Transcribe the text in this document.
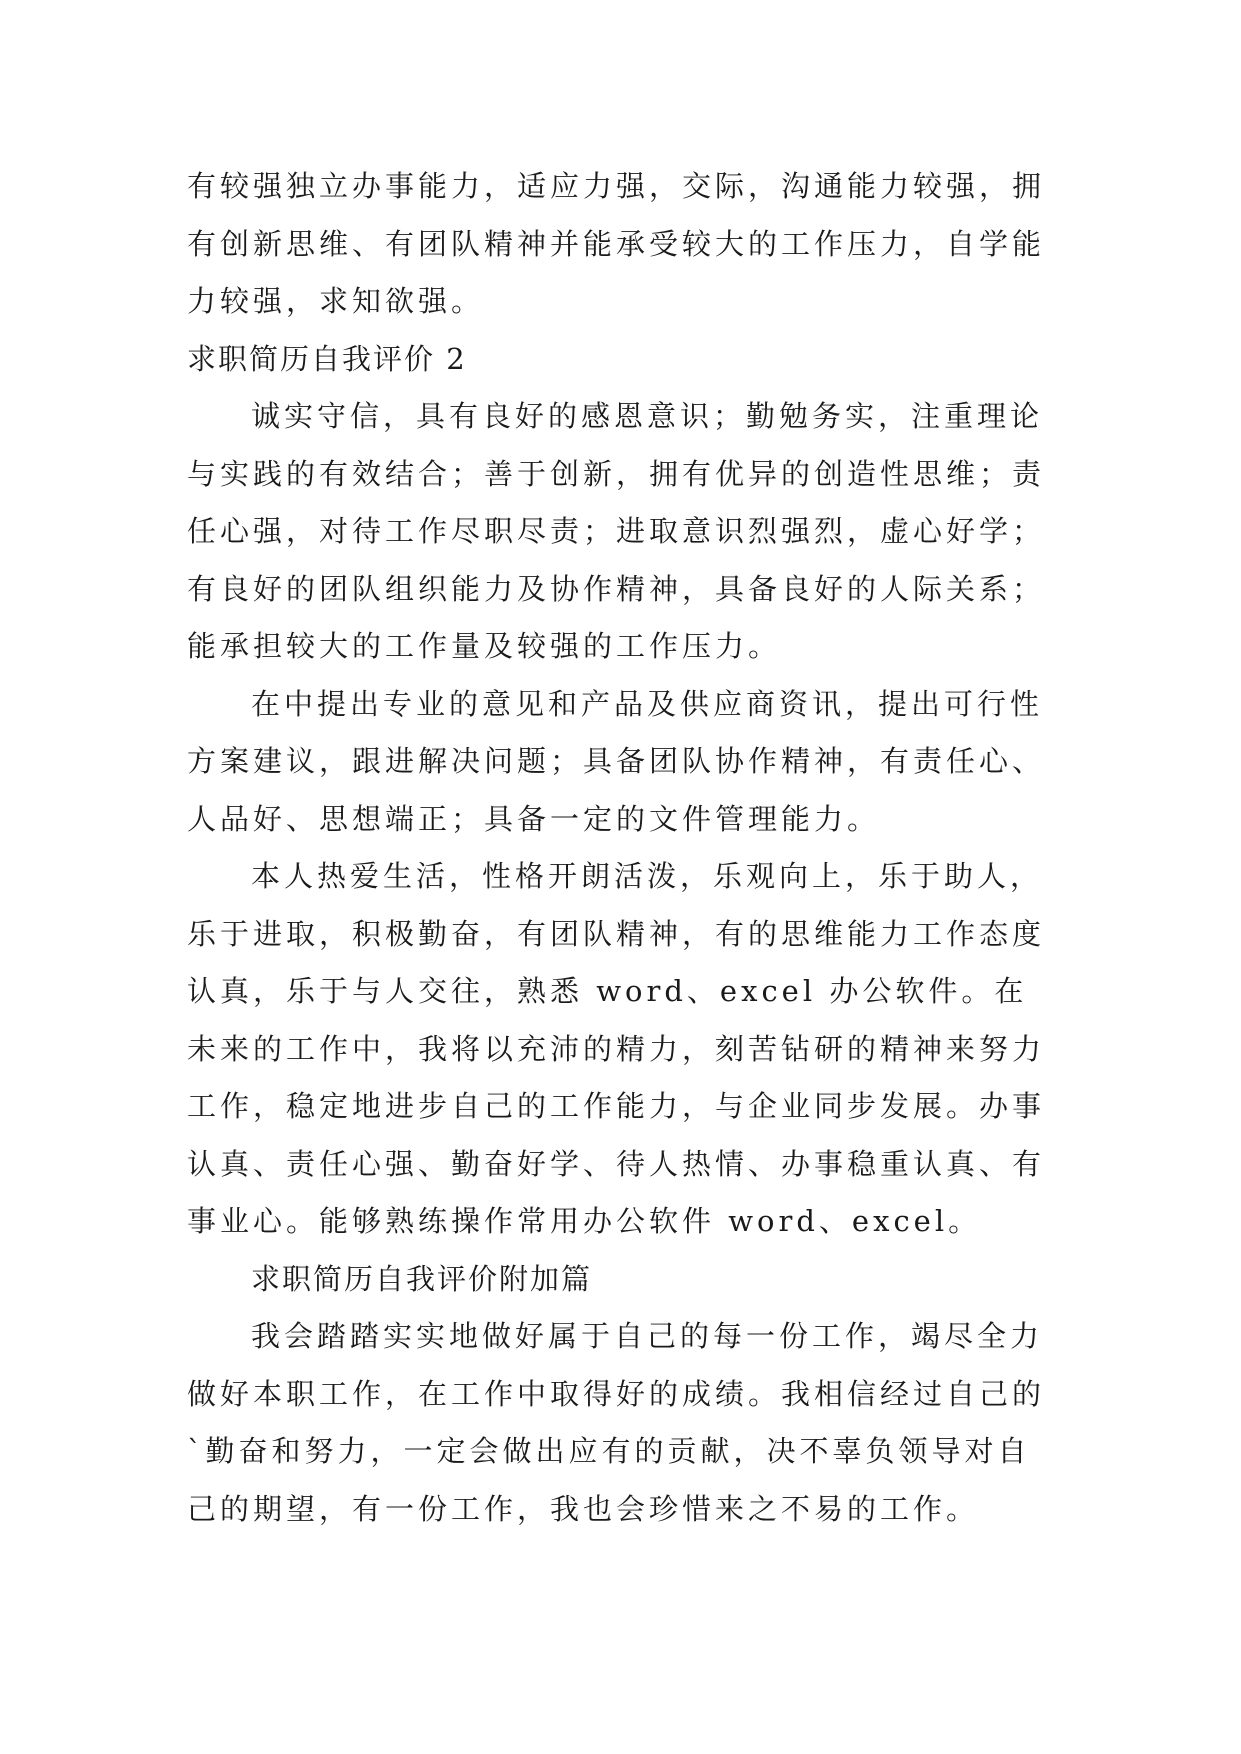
有较强独立办事能力，适应力强，交际，沟通能力较强，拥有创新思维、有团队精神并能承受较大的工作压力，自学能力较强，求知欲强。

求职简历自我评价 2

诚实守信，具有良好的感恩意识；勤勉务实，注重理论与实践的有效结合；善于创新，拥有优异的创造性思维；责任心强，对待工作尽职尽责；进取意识烈强烈，虚心好学；有良好的团队组织能力及协作精神，具备良好的人际关系；能承担较大的工作量及较强的工作压力。

在中提出专业的意见和产品及供应商资讯，提出可行性方案建议，跟进解决问题；具备团队协作精神，有责任心、人品好、思想端正；具备一定的文件管理能力。

本人热爱生活，性格开朗活泼，乐观向上，乐于助人，乐于进取，积极勤奋，有团队精神，有的思维能力工作态度认真，乐于与人交往，熟悉 word、excel 办公软件。在未来的工作中，我将以充沛的精力，刻苦钻研的精神来努力工作，稳定地进步自己的工作能力，与企业同步发展。办事认真、责任心强、勤奋好学、待人热情、办事稳重认真、有事业心。能够熟练操作常用办公软件 word、excel。

求职简历自我评价附加篇

我会踏踏实实地做好属于自己的每一份工作，竭尽全力做好本职工作，在工作中取得好的成绩。我相信经过自己的`勤奋和努力，一定会做出应有的贡献，决不辜负领导对自己的期望，有一份工作，我也会珍惜来之不易的工作。
